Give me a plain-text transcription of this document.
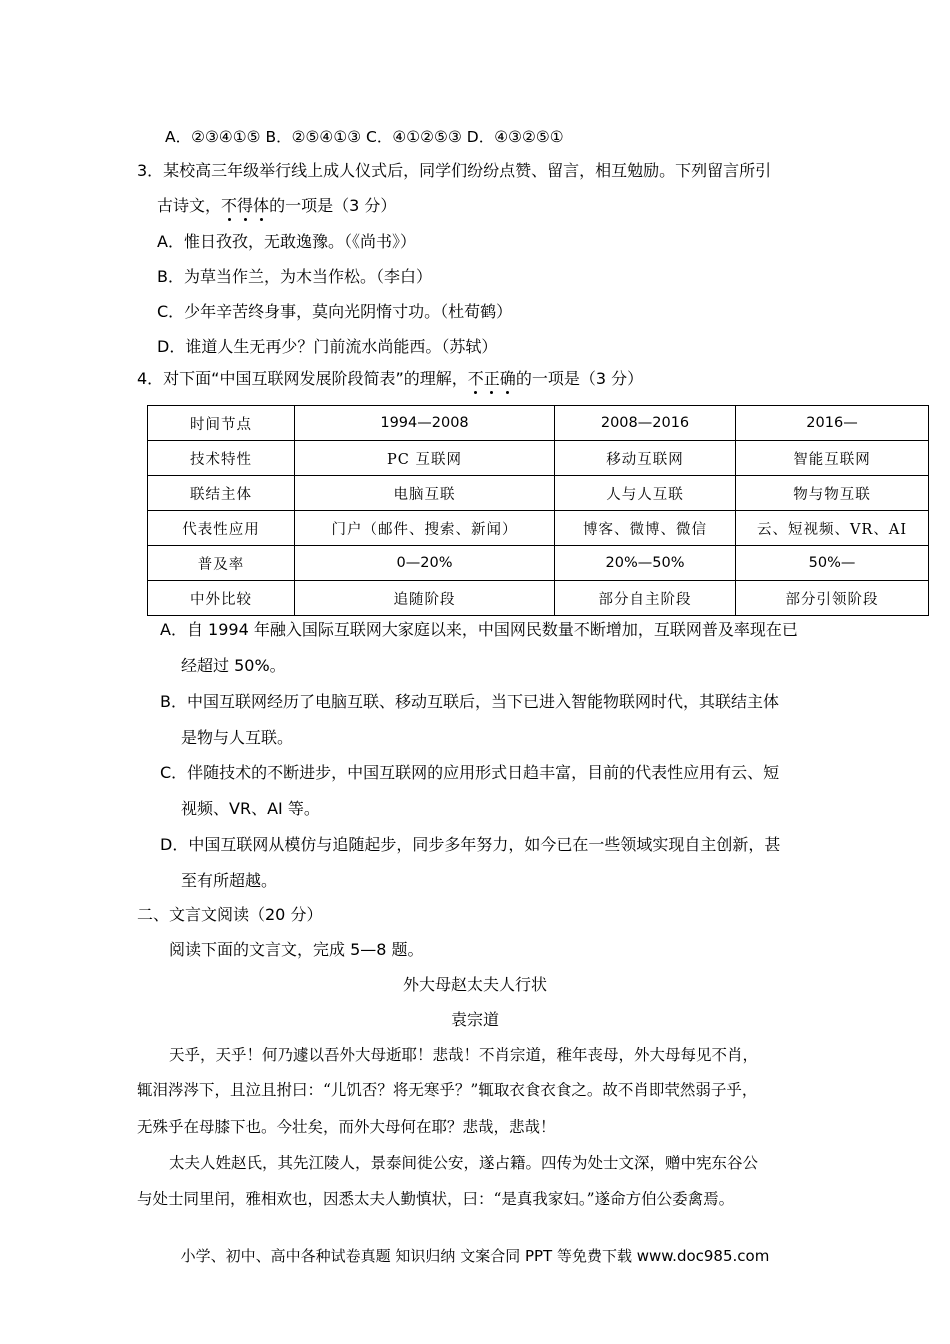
A．②③④①⑤ B．②⑤④①③ C．④①②⑤③ D．④③②⑤①
3．某校高三年级举行线上成人仪式后，同学们纷纷点赞、留言，相互勉励。下列留言所引
古诗文，不得体的一项是（3 分）
A．惟日孜孜，无敢逸豫。（《尚书》）
B．为草当作兰，为木当作松。（李白）
C．少年辛苦终身事，莫向光阴惰寸功。（杜荀鹤）
D．谁道人生无再少？门前流水尚能西。（苏轼）
4．对下面“中国互联网发展阶段简表”的理解，不正确的一项是（3 分）
时间节点	1994—2008	2008—2016	2016—
技术特性	PC 互联网	移动互联网	智能互联网
联结主体	电脑互联	人与人互联	物与物互联
代表性应用	门户（邮件、搜索、新闻）	博客、微博、微信	云、短视频、VR、AI
普及率	0—20%	20%—50%	50%—
中外比较	追随阶段	部分自主阶段	部分引领阶段
A．自 1994 年融入国际互联网大家庭以来，中国网民数量不断增加，互联网普及率现在已
经超过 50%。
B．中国互联网经历了电脑互联、移动互联后，当下已进入智能物联网时代，其联结主体
是物与人互联。
C．伴随技术的不断进步，中国互联网的应用形式日趋丰富，目前的代表性应用有云、短
视频、VR、AI 等。
D．中国互联网从模仿与追随起步，同步多年努力，如今已在一些领域实现自主创新，甚
至有所超越。
二、文言文阅读（20 分）
阅读下面的文言文，完成 5—8 题。
外大母赵太夫人行状
袁宗道
天乎，天乎！何乃遽以吾外大母逝耶！悲哉！不肖宗道，稚年丧母，外大母每见不肖，
辄泪涔涔下，且泣且拊曰：“儿饥否？将无寒乎？”辄取衣食衣食之。故不肖即茕然弱子乎，
无殊乎在母膝下也。今壮矣，而外大母何在耶？悲哉，悲哉！
太夫人姓赵氏，其先江陵人，景泰间徙公安，遂占籍。四传为处士文深，赠中宪东谷公
与处士同里闬，雅相欢也，因悉太夫人勤慎状，曰：“是真我家妇。”遂命方伯公委禽焉。
小学、初中、高中各种试卷真题 知识归纳 文案合同 PPT 等免费下载 www.doc985.com
